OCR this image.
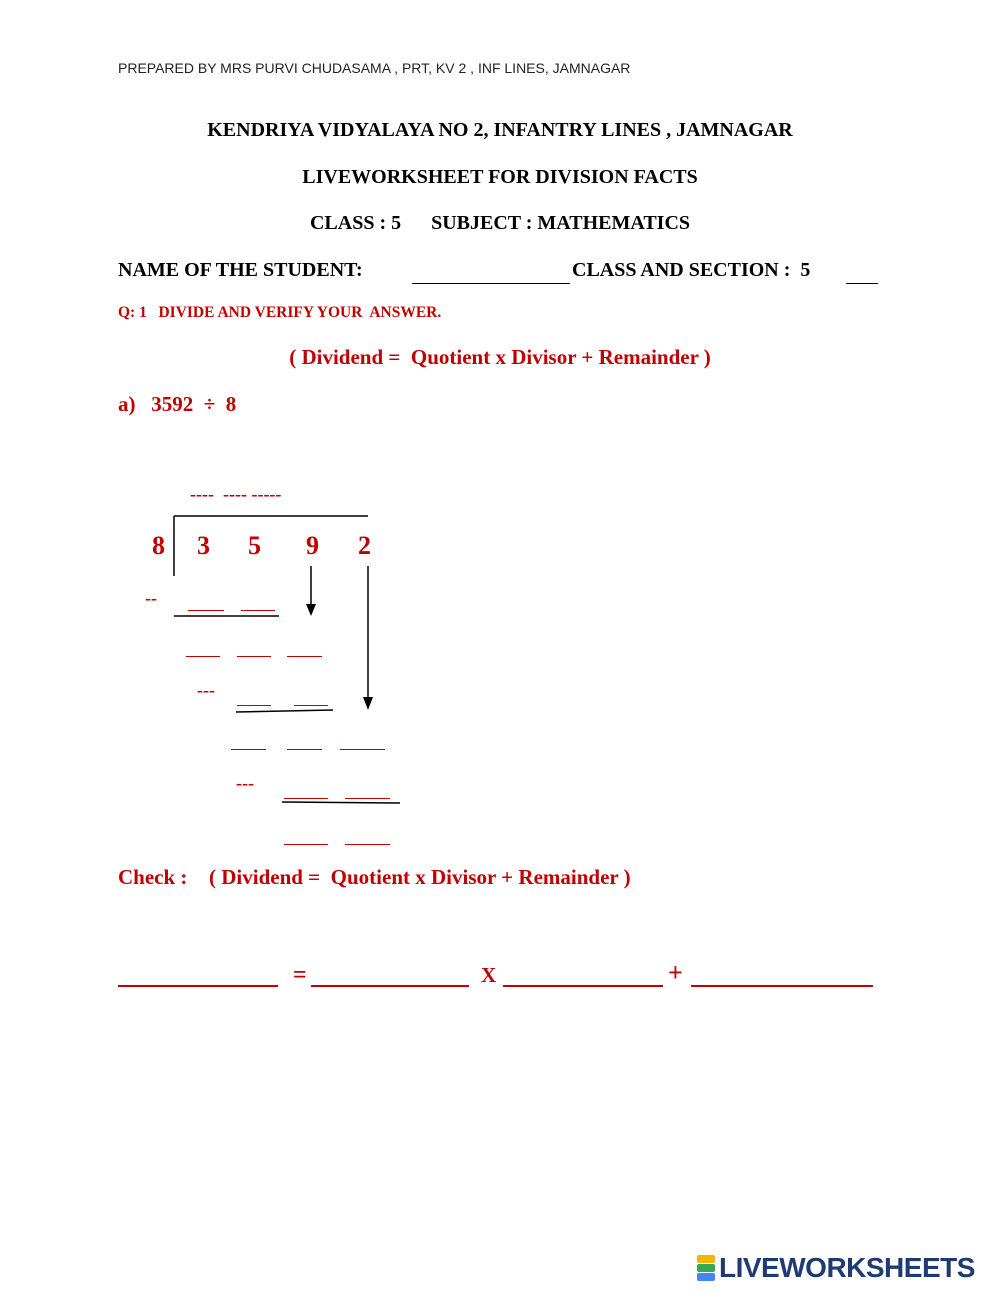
PREPARED BY MRS PURVI CHUDASAMA , PRT, KV 2 , INF LINES, JAMNAGAR
KENDRIYA VIDYALAYA NO 2, INFANTRY LINES , JAMNAGAR
LIVEWORKSHEET FOR DIVISION FACTS
CLASS : 5      SUBJECT : MATHEMATICS
NAME OF THE STUDENT:	CLASS AND SECTION :  5
Q: 1   DIVIDE AND VERIFY YOUR  ANSWER.
( Dividend =  Quotient x Divisor + Remainder )
a)   3592  ÷  8
----  ---- -----
8 3 5 9 2
--
---
---
Check : ( Dividend =  Quotient x Divisor + Remainder )
=	X	+
LIVEWORKSHEETS
